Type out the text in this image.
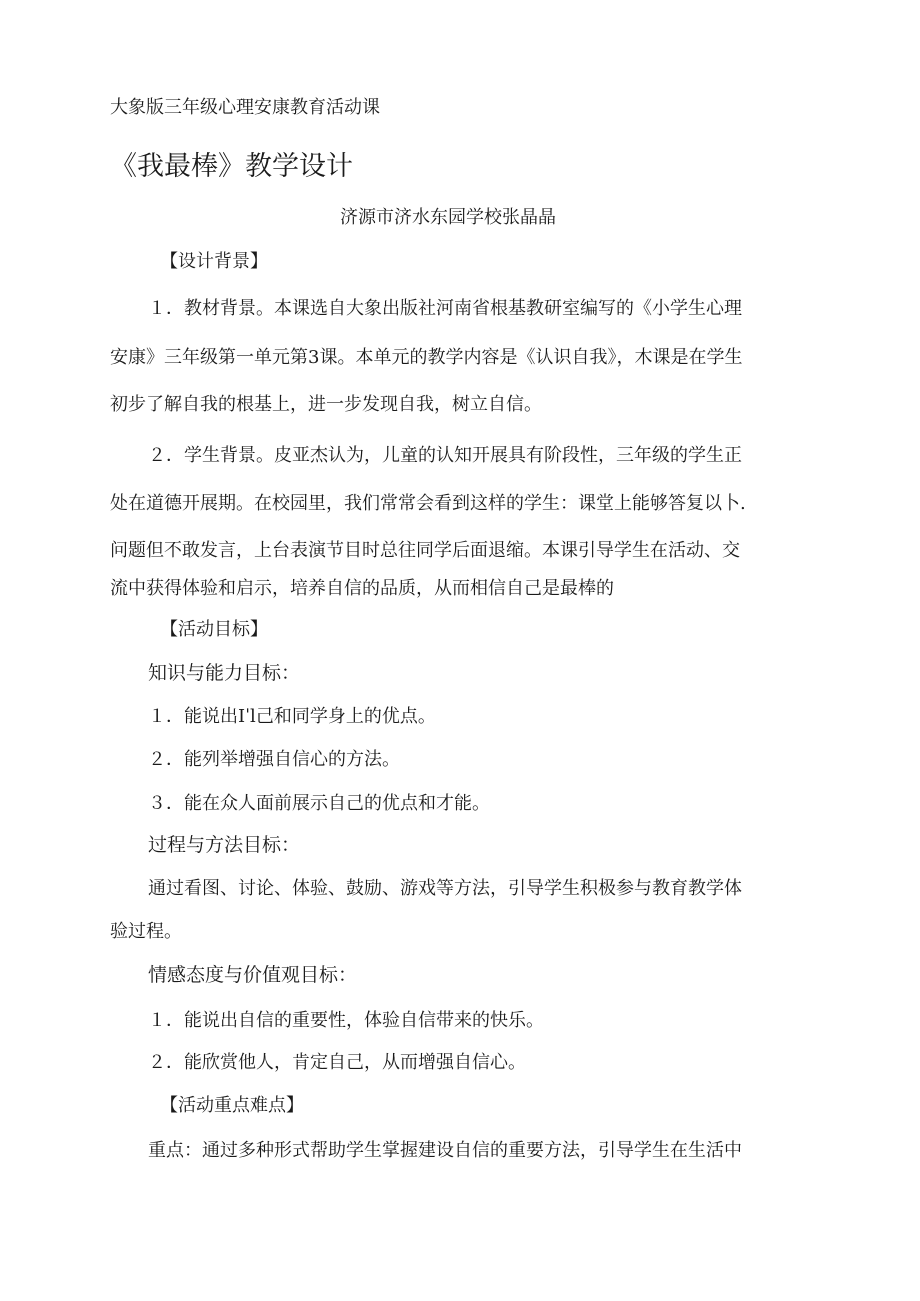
大象版三年级心理安康教育活动课
《我最棒》教学设计
济源市济水东园学校张晶晶
【设计背景】
１．教材背景。本课选自大象出版社河南省根基教研室编写的《小学生心理
安康》三年级第一单元第3课。本单元的教学内容是《认识自我》，木课是在学生
初步了解自我的根基上，进一步发现自我，树立自信。
２．学生背景。皮亚杰认为，儿童的认知开展具有阶段性，三年级的学生正
处在道德开展期。在校园里，我们常常会看到这样的学生：课堂上能够答复以卜.
问题但不敢发言，上台表演节目时总往同学后面退缩。本课引导学生在活动、交
流中获得体验和启示，培养自信的品质，从而相信自己是最棒的
【活动目标】
知识与能力目标：
１．能说出Iˈl己和同学身上的优点。
２．能列举增强自信心的方法。
３．能在众人面前展示自己的优点和才能。
过程与方法目标：
通过看图、讨论、体验、鼓励、游戏等方法，引导学生积极参与教育教学体
验过程。
情感态度与价值观目标：
１．能说出自信的重要性，体验自信带来的快乐。
２．能欣赏他人，肯定自己，从而增强自信心。
【活动重点难点】
重点：通过多种形式帮助学生掌握建设自信的重要方法，引导学生在生活中
